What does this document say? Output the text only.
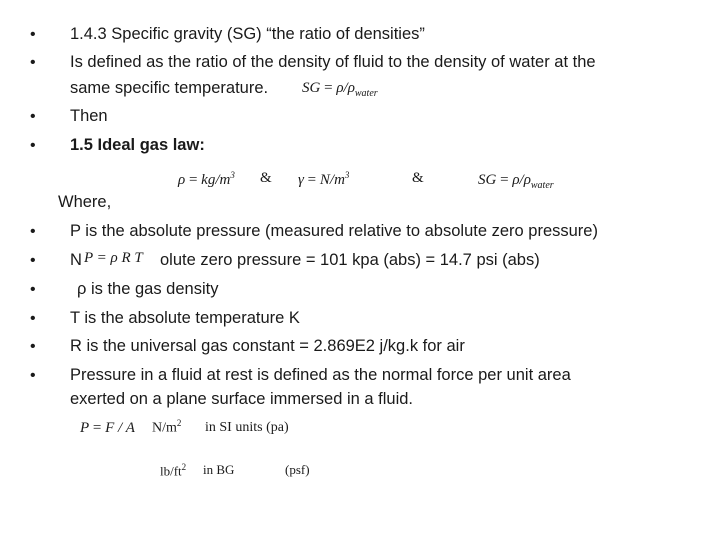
• 1.4.3 Specific gravity (SG) “the ratio of densities”
• Is defined as the ratio of the density of fluid to the density of water at the
same specific temperature. SG = $\rho/\rho_{water}$
• Then
• 1.5 Ideal gas law:
$\rho = kg/m^3$ & $\gamma = N/m^3$	&	SG = $\rho/\rho_{water}$
Where,
• P is the absolute pressure (measured relative to absolute zero pressure)
• N	olute zero pressure = 101 kpa (abs) = 14.7 psi (abs)
P = ρ R T
•	ρ is the gas density
• T is the absolute temperature K
• R is the universal gas constant = 2.869E2 j/kg.k for air
• Pressure in a fluid at rest is defined as the normal force per unit area
exerted on a plane surface immersed in a fluid.
P = F / A $N/m^2$ in SI units (pa)
$lb/ft^2$ in BG	(psf)
